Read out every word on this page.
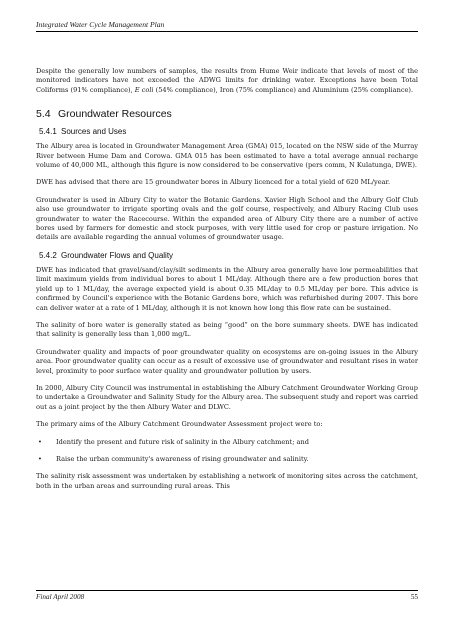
Integrated Water Cycle Management Plan

Despite the generally low numbers of samples, the results from Hume Weir indicate that levels of most of the monitored indicators have not exceeded the ADWG limits for drinking water. Exceptions have been Total Coliforms (91% compliance), E coli (54% compliance), Iron (75% compliance) and Aluminium (25% compliance).

5.4 Groundwater Resources
5.4.1 Sources and Uses

The Albury area is located in Groundwater Management Area (GMA) 015, located on the NSW side of the Murray River between Hume Dam and Corowa. GMA 015 has been estimated to have a total average annual recharge volume of 40,000 ML, although this figure is now considered to be conservative (pers comm, N Kulatunga, DWE).

DWE has advised that there are 15 groundwater bores in Albury licenced for a total yield of 620 ML/year.

Groundwater is used in Albury City to water the Botanic Gardens. Xavier High School and the Albury Golf Club also use groundwater to irrigate sporting ovals and the golf course, respectively, and Albury Racing Club uses groundwater to water the Racecourse. Within the expanded area of Albury City there are a number of active bores used by farmers for domestic and stock purposes, with very little used for crop or pasture irrigation. No details are available regarding the annual volumes of groundwater usage.

5.4.2 Groundwater Flows and Quality

DWE has indicated that gravel/sand/clay/silt sediments in the Albury area generally have low permeabilities that limit maximum yields from individual bores to about 1 ML/day. Although there are a few production bores that yield up to 1 ML/day, the average expected yield is about 0.35 ML/day to 0.5 ML/day per bore. This advice is confirmed by Council's experience with the Botanic Gardens bore, which was refurbished during 2007. This bore can deliver water at a rate of 1 ML/day, although it is not known how long this flow rate can be sustained.

The salinity of bore water is generally stated as being “good” on the bore summary sheets. DWE has indicated that salinity is generally less than 1,000 mg/L.

Groundwater quality and impacts of poor groundwater quality on ecosystems are on-going issues in the Albury area. Poor groundwater quality can occur as a result of excessive use of groundwater and resultant rises in water level, proximity to poor surface water quality and groundwater pollution by users.

In 2000, Albury City Council was instrumental in establishing the Albury Catchment Groundwater Working Group to undertake a Groundwater and Salinity Study for the Albury area. The subsequent study and report was carried out as a joint project by the then Albury Water and DLWC.

The primary aims of the Albury Catchment Groundwater Assessment project were to:

• Identify the present and future risk of salinity in the Albury catchment; and
• Raise the urban community's awareness of rising groundwater and salinity.

The salinity risk assessment was undertaken by establishing a network of monitoring sites across the catchment, both in the urban areas and surrounding rural areas. This

Final April 2008	55
